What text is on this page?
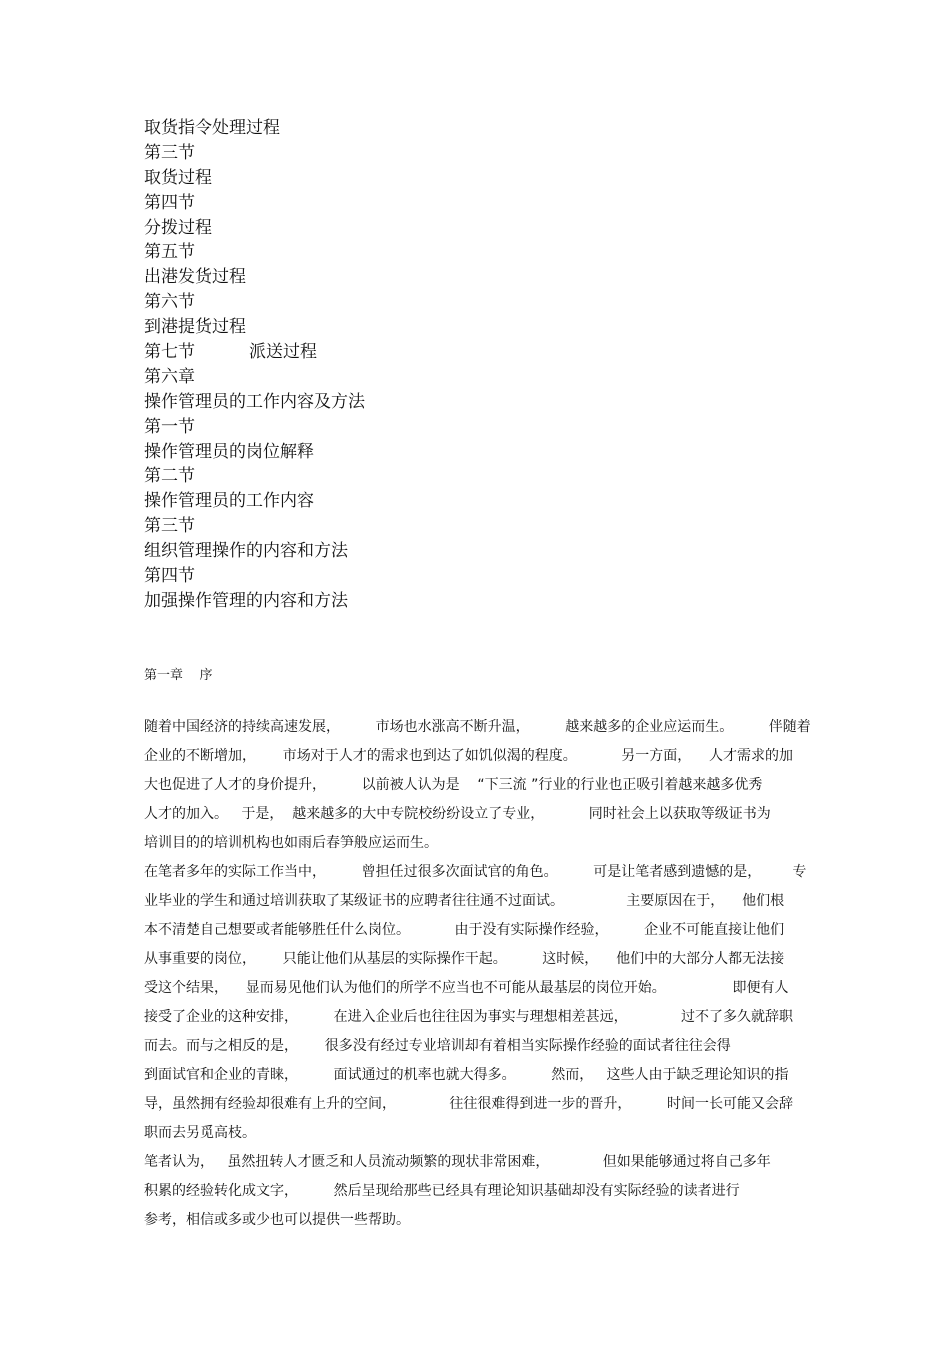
取货指令处理过程
第三节
取货过程
第四节
分拨过程
第五节
出港发货过程
第六节
到港提货过程
第七节          派送过程
第六章
操作管理员的工作内容及方法
第一节
操作管理员的岗位解释
第二节
操作管理员的工作内容
第三节
组织管理操作的内容和方法
第四节
加强操作管理的内容和方法
第一章    序
随着中国经济的持续高速发展，        市场也水涨高不断升温，        越来越多的企业应运而生。        伴随着
企业的不断增加，      市场对于人才的需求也到达了如饥似渴的程度。          另一方面，    人才需求的加
大也促进了人才的身价提升，        以前被人认为是    “下三流 ”行业的行业也正吸引着越来越多优秀
人才的加入。   于是，  越来越多的大中专院校纷纷设立了专业，          同时社会上以获取等级证书为
培训目的的培训机构也如雨后春笋般应运而生。
在笔者多年的实际工作当中，        曾担任过很多次面试官的角色。        可是让笔者感到遗憾的是，       专
业毕业的学生和通过培训获取了某级证书的应聘者往往通不过面试。              主要原因在于，    他们根
本不清楚自己想要或者能够胜任什么岗位。          由于没有实际操作经验，        企业不可能直接让他们
从事重要的岗位，      只能让他们从基层的实际操作干起。        这时候，    他们中的大部分人都无法接
受这个结果，    显而易见他们认为他们的所学不应当也不可能从最基层的岗位开始。               即便有人
接受了企业的这种安排，        在进入企业后也往往因为事实与理想相差甚远，            过不了多久就辞职
而去。而与之相反的是，      很多没有经过专业培训却有着相当实际操作经验的面试者往往会得
到面试官和企业的青睐，        面试通过的机率也就大得多。        然而，   这些人由于缺乏理论知识的指
导，虽然拥有经验却很难有上升的空间，            往往很难得到进一步的晋升，        时间一长可能又会辞
职而去另觅高枝。
笔者认为，   虽然扭转人才匮乏和人员流动频繁的现状非常困难，            但如果能够通过将自己多年
积累的经验转化成文字，        然后呈现给那些已经具有理论知识基础却没有实际经验的读者进行
参考，相信或多或少也可以提供一些帮助。
